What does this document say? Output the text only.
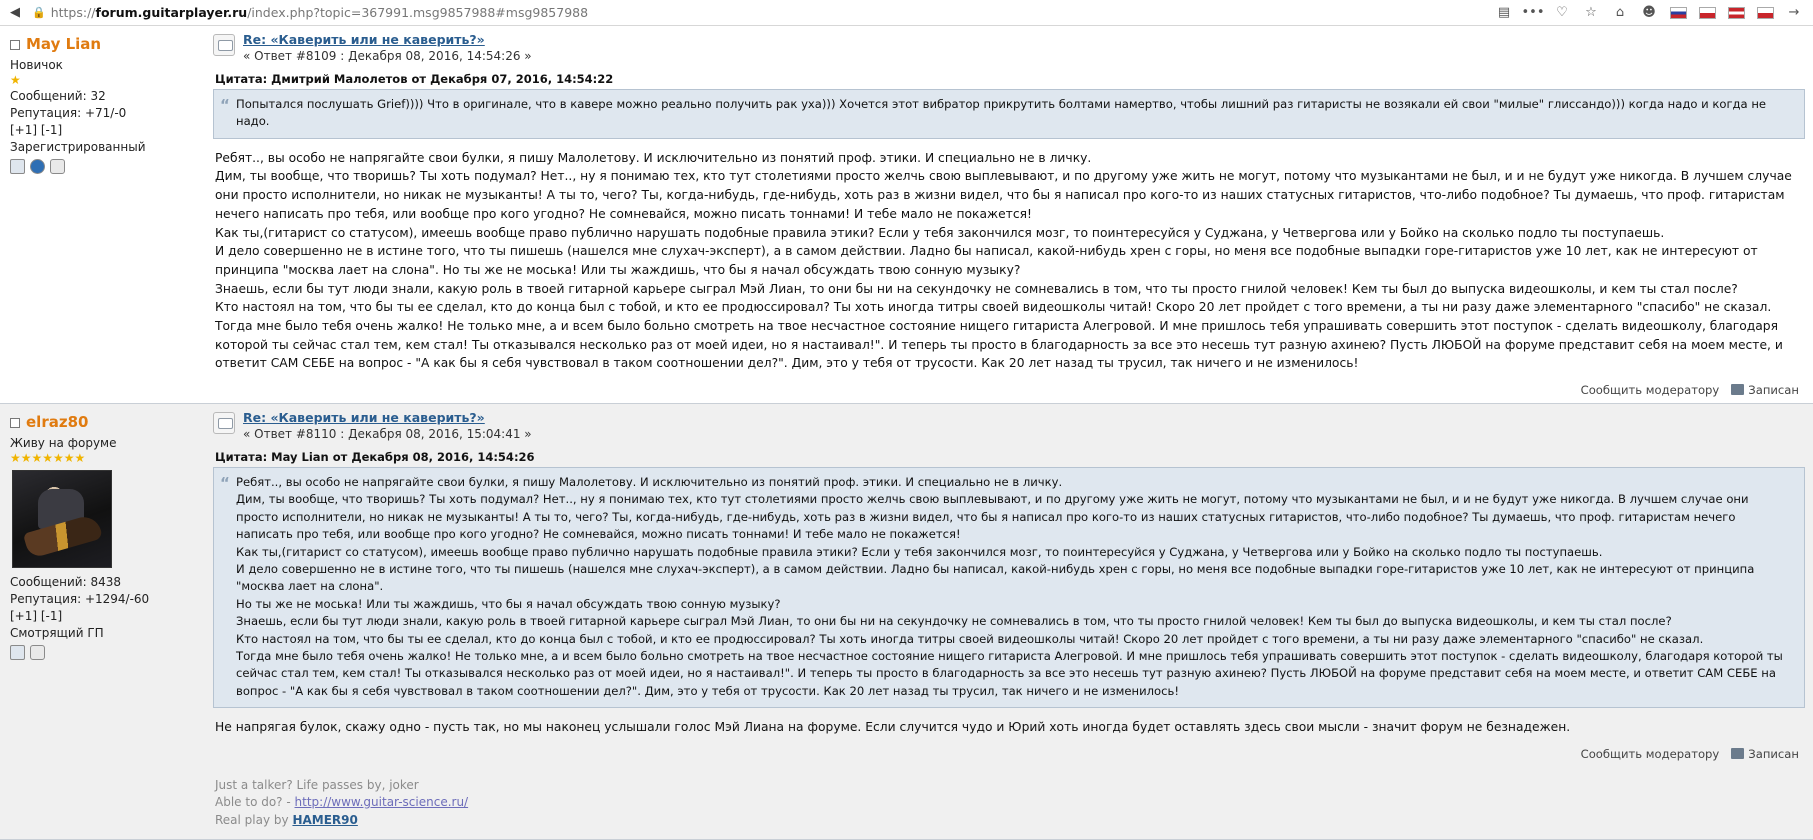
◀	🔒 https:// forum.guitarplayer.ru /index.php?topic=367991.msg9857988#msg9857988	▤ ••• ♡ ☆	⌂	☻	→
May Lian
Новичок
★
Сообщений: 32
Репутация: +71/-0
[+1] [-1]
Зарегистрированный
Re: «Каверить или не каверить?»
« Ответ #8109 : Декабря 08, 2016, 14:54:26 »
Цитата: Дмитрий Малолетов от Декабря 07, 2016, 14:54:22
“ Попытался послушать Grief)))) Что в оригинале, что в кавере можно реально получить рак уха))) Хочется этот вибратор прикрутить болтами намертво, чтобы лишний раз гитаристы не возякали ей свои "милые" глиссандо))) когда надо и когда не надо.

Ребят.., вы особо не напрягайте свои булки, я пишу Малолетову. И исключительно из понятий проф. этики. И специально не в личку.

Дим, ты вообще, что творишь? Ты хоть подумал? Нет.., ну я понимаю тех, кто тут столетиями просто желчь свою выплевывают, и по другому уже жить не могут, потому что музыкантами не был, и и не будут уже никогда. В лучшем случае они просто исполнители, но никак не музыканты! А ты то, чего? Ты, когда-нибудь, где-нибудь, хоть раз в жизни видел, что бы я написал про кого-то из наших статусных гитаристов, что-либо подобное? Ты думаешь, что проф. гитаристам нечего написать про тебя, или вообще про кого угодно? Не сомневайся, можно писать тоннами! И тебе мало не покажется!

Как ты,(гитарист со статусом), имеешь вообще право публично нарушать подобные правила этики? Если у тебя закончился мозг, то поинтересуйся у Суджана, у Четвергова или у Бойко на сколько подло ты поступаешь.

И дело совершенно не в истине того, что ты пишешь (нашелся мне слухач-эксперт), а в самом действии. Ладно бы написал, какой-нибудь хрен с горы, но меня все подобные выпадки горе-гитаристов уже 10 лет, как не интересуют от принципа "москва лает на слона". Но ты же не моська! Или ты жаждишь, что бы я начал обсуждать твою сонную музыку?

Знаешь, если бы тут люди знали, какую роль в твоей гитарной карьере сыграл Мэй Лиан, то они бы ни на секундочку не сомневались в том, что ты просто гнилой человек! Кем ты был до выпуска видеошколы, и кем ты стал после?

Кто настоял на том, что бы ты ее сделал, кто до конца был с тобой, и кто ее продюссировал? Ты хоть иногда титры своей видеошколы читай! Скоро 20 лет пройдет с того времени, а ты ни разу даже элементарного "спасибо" не сказал.

Тогда мне было тебя очень жалко! Не только мне, а и всем было больно смотреть на твое несчастное состояние нищего гитариста Алегровой. И мне пришлось тебя упрашивать совершить этот поступок - сделать видеошколу, благодаря которой ты сейчас стал тем, кем стал! Ты отказывался несколько раз от моей идеи, но я настаивал!". И теперь ты просто в благодарность за все это несешь тут разную ахинею? Пусть ЛЮБОЙ на форуме представит себя на моем месте, и ответит САМ СЕБЕ на вопрос - "А как бы я себя чувствовал в таком соотношении дел?". Дим, это у тебя от трусости. Как 20 лет назад ты трусил, так ничего и не изменилось!

Сообщить модератору	Записан
elraz80
Живу на форуме
★★★★★★★
Сообщений: 8438
Репутация: +1294/-60
[+1] [-1]
Смотрящий ГП
Re: «Каверить или не каверить?»
« Ответ #8110 : Декабря 08, 2016, 15:04:41 »
Цитата: May Lian от Декабря 08, 2016, 14:54:26
“ Ребят.., вы особо не напрягайте свои булки, я пишу Малолетову. И исключительно из понятий проф. этики. И специально не в личку.

Дим, ты вообще, что творишь? Ты хоть подумал? Нет.., ну я понимаю тех, кто тут столетиями просто желчь свою выплевывают, и по другому уже жить не могут, потому что музыкантами не был, и и не будут уже никогда. В лучшем случае они просто исполнители, но никак не музыканты! А ты то, чего? Ты, когда-нибудь, где-нибудь, хоть раз в жизни видел, что бы я написал про кого-то из наших статусных гитаристов, что-либо подобное? Ты думаешь, что проф. гитаристам нечего написать про тебя, или вообще про кого угодно? Не сомневайся, можно писать тоннами! И тебе мало не покажется!

Как ты,(гитарист со статусом), имеешь вообще право публично нарушать подобные правила этики? Если у тебя закончился мозг, то поинтересуйся у Суджана, у Четвергова или у Бойко на сколько подло ты поступаешь.

И дело совершенно не в истине того, что ты пишешь (нашелся мне слухач-эксперт), а в самом действии. Ладно бы написал, какой-нибудь хрен с горы, но меня все подобные выпадки горе-гитаристов уже 10 лет, как не интересуют от принципа "москва лает на слона".

Но ты же не моська! Или ты жаждишь, что бы я начал обсуждать твою сонную музыку?

Знаешь, если бы тут люди знали, какую роль в твоей гитарной карьере сыграл Мэй Лиан, то они бы ни на секундочку не сомневались в том, что ты просто гнилой человек! Кем ты был до выпуска видеошколы, и кем ты стал после?

Кто настоял на том, что бы ты ее сделал, кто до конца был с тобой, и кто ее продюссировал? Ты хоть иногда титры своей видеошколы читай! Скоро 20 лет пройдет с того времени, а ты ни разу даже элементарного "спасибо" не сказал.

Тогда мне было тебя очень жалко! Не только мне, а и всем было больно смотреть на твое несчастное состояние нищего гитариста Алегровой. И мне пришлось тебя упрашивать совершить этот поступок - сделать видеошколу, благодаря которой ты сейчас стал тем, кем стал! Ты отказывался несколько раз от моей идеи, но я настаивал!". И теперь ты просто в благодарность за все это несешь тут разную ахинею? Пусть ЛЮБОЙ на форуме представит себя на моем месте, и ответит САМ СЕБЕ на вопрос - "А как бы я себя чувствовал в таком соотношении дел?". Дим, это у тебя от трусости. Как 20 лет назад ты трусил, так ничего и не изменилось!

Не напрягая булок, скажу одно - пусть так, но мы наконец услышали голос Мэй Лиана на форуме. Если случится чудо и Юрий хоть иногда будет оставлять здесь свои мысли - значит форум не безнадежен.

Сообщить модератору	Записан
Just a talker? Life passes by, joker
Able to do? - http://www.guitar-science.ru/
Real play by HAMER90
